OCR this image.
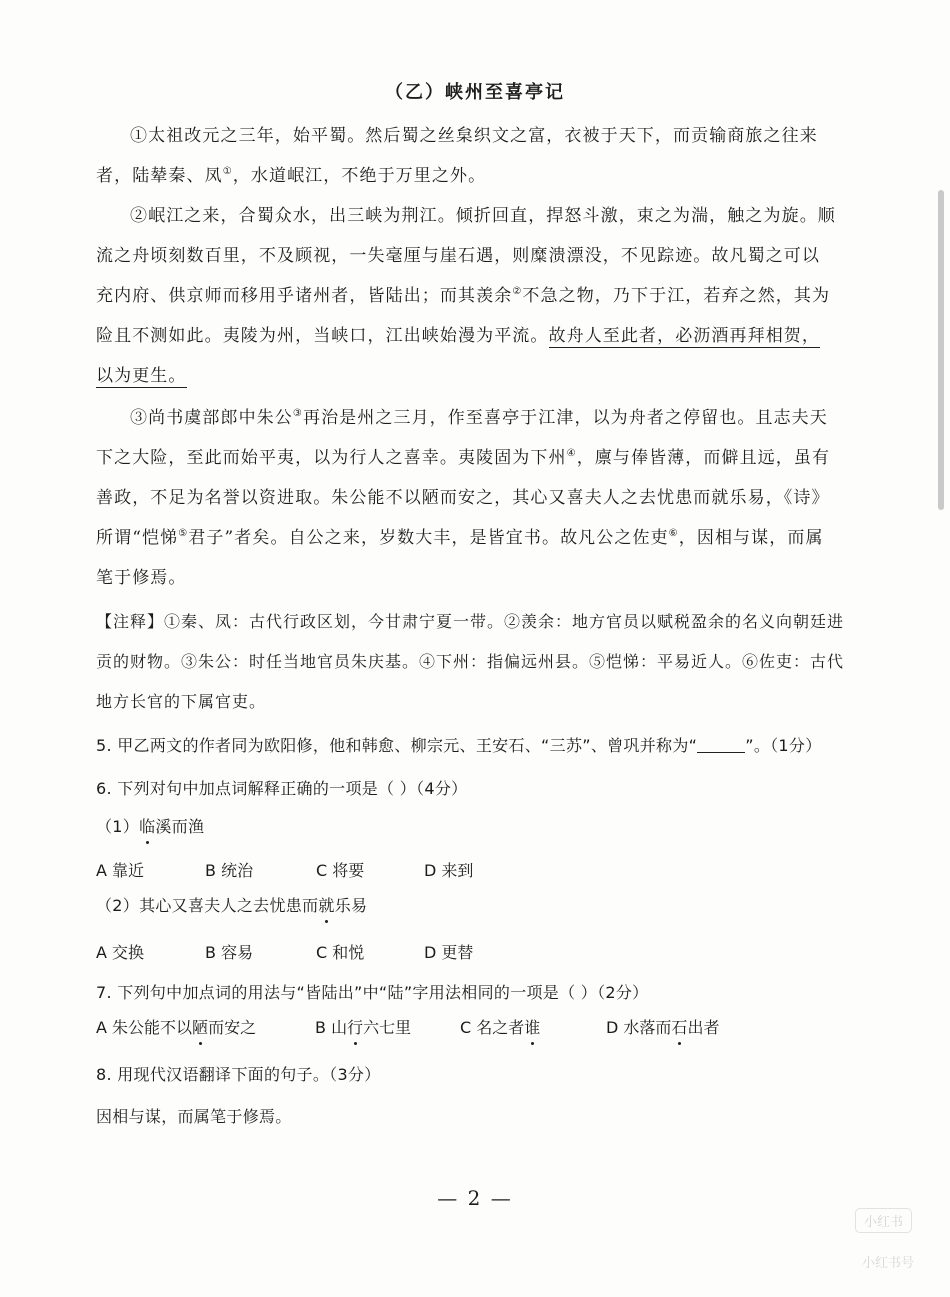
（乙）峡州至喜亭记
①太祖改元之三年，始平蜀。然后蜀之丝枲织文之富，衣被于天下，而贡输商旅之往来者，陆辇秦、凤①，水道岷江，不绝于万里之外。
②岷江之来，合蜀众水，出三峡为荆江。倾折回直，捍怒斗激，束之为湍，触之为旋。顺流之舟顷刻数百里，不及顾视，一失毫厘与崖石遇，则糜溃漂没，不见踪迹。故凡蜀之可以充内府、供京师而移用乎诸州者，皆陆出；而其羡余②不急之物，乃下于江，若弃之然，其为险且不测如此。夷陵为州，当峡口，江出峡始漫为平流。故舟人至此者，必沥酒再拜相贺，以为更生。
③尚书虞部郎中朱公③再治是州之三月，作至喜亭于江津，以为舟者之停留也。且志夫天下之大险，至此而始平夷，以为行人之喜幸。夷陵固为下州④，廪与俸皆薄，而僻且远，虽有善政，不足为名誉以资进取。朱公能不以陋而安之，其心又喜夫人之去忧患而就乐易，《诗》所谓“恺悌⑤君子”者矣。自公之来，岁数大丰，是皆宜书。故凡公之佐吏⑥，因相与谋，而属笔于修焉。
【注释】①秦、凤：古代行政区划，今甘肃宁夏一带。②羡余：地方官员以赋税盈余的名义向朝廷进贡的财物。③朱公：时任当地官员朱庆基。④下州：指偏远州县。⑤恺悌：平易近人。⑥佐吏：古代地方长官的下属官吏。
5. 甲乙两文的作者同为欧阳修，他和韩愈、柳宗元、王安石、“三苏”、曾巩并称为“	”。（1分）
6. 下列对句中加点词解释正确的一项是（ ）（4分）
（1）临溪而渔
A 靠近	B 统治	C 将要	D 来到
（2）其心又喜夫人之去忧患而就乐易
A 交换	B 容易	C 和悦	D 更替
7. 下列句中加点词的用法与“皆陆出”中“陆”字用法相同的一项是（ ）（2分）
A 朱公能不以陋而安之	B 山行六七里	C 名之者谁	D 水落而石出者
8. 用现代汉语翻译下面的句子。（3分）
因相与谋，而属笔于修焉。
— 2 —
小红书
小红书号
